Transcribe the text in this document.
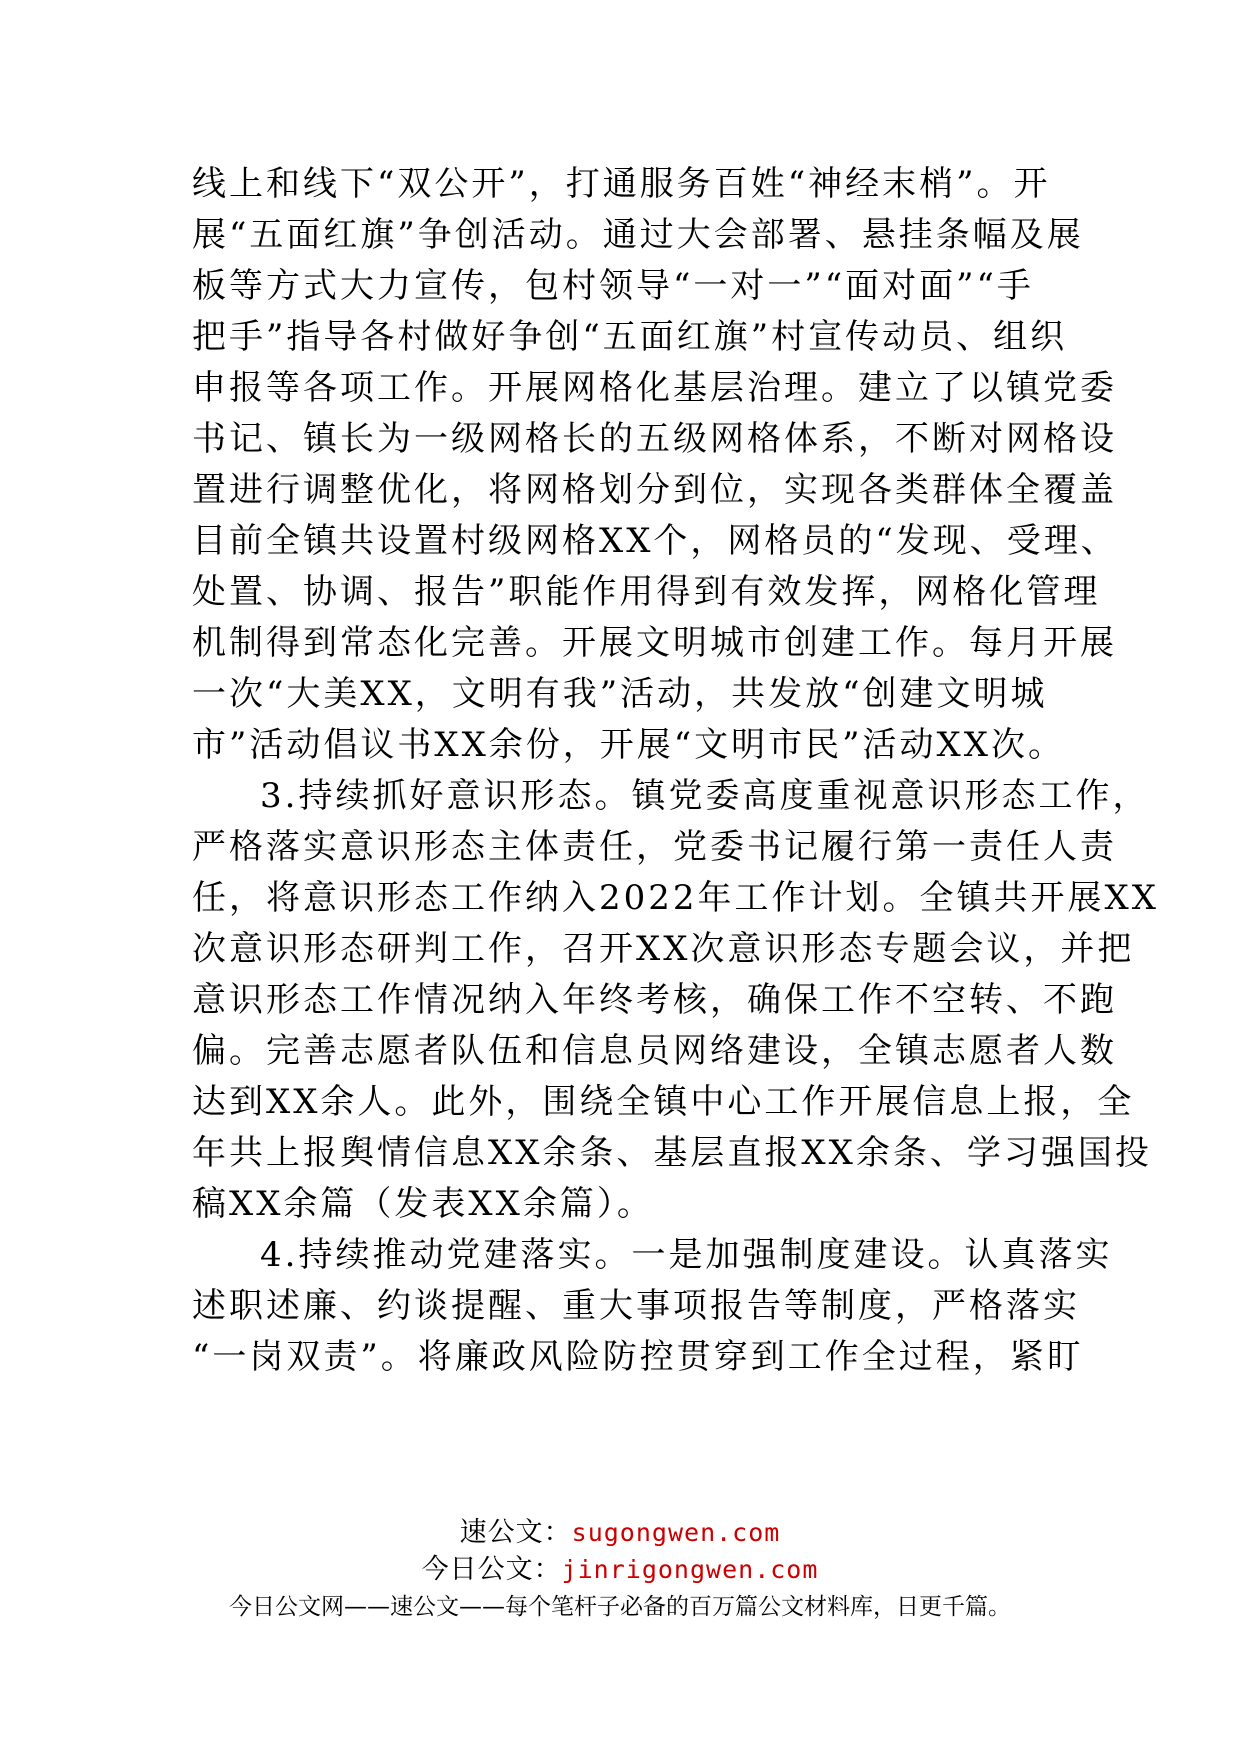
线上和线下“双公开”，打通服务百姓“神经末梢”。开
展“五面红旗”争创活动。通过大会部署、悬挂条幅及展
板等方式大力宣传，包村领导“一对一”“面对面”“手
把手”指导各村做好争创“五面红旗”村宣传动员、组织
申报等各项工作。开展网格化基层治理。建立了以镇党委
书记、镇长为一级网格长的五级网格体系，不断对网格设
置进行调整优化，将网格划分到位，实现各类群体全覆盖
目前全镇共设置村级网格XX个，网格员的“发现、受理、
处置、协调、报告”职能作用得到有效发挥，网格化管理
机制得到常态化完善。开展文明城市创建工作。每月开展
一次“大美XX，文明有我”活动，共发放“创建文明城
市”活动倡议书XX余份，开展“文明市民”活动XX次。
3.持续抓好意识形态。镇党委高度重视意识形态工作，
严格落实意识形态主体责任，党委书记履行第一责任人责
任，将意识形态工作纳入2022年工作计划。全镇共开展XX
次意识形态研判工作，召开XX次意识形态专题会议，并把
意识形态工作情况纳入年终考核，确保工作不空转、不跑
偏。完善志愿者队伍和信息员网络建设，全镇志愿者人数
达到XX余人。此外，围绕全镇中心工作开展信息上报，全
年共上报舆情信息XX余条、基层直报XX余条、学习强国投
稿XX余篇（发表XX余篇）。
4.持续推动党建落实。一是加强制度建设。认真落实
述职述廉、约谈提醒、重大事项报告等制度，严格落实
“一岗双责”。将廉政风险防控贯穿到工作全过程，紧盯
速公文：sugongwen.com
今日公文：jinrigongwen.com
今日公文网——速公文——每个笔杆子必备的百万篇公文材料库，日更千篇。
